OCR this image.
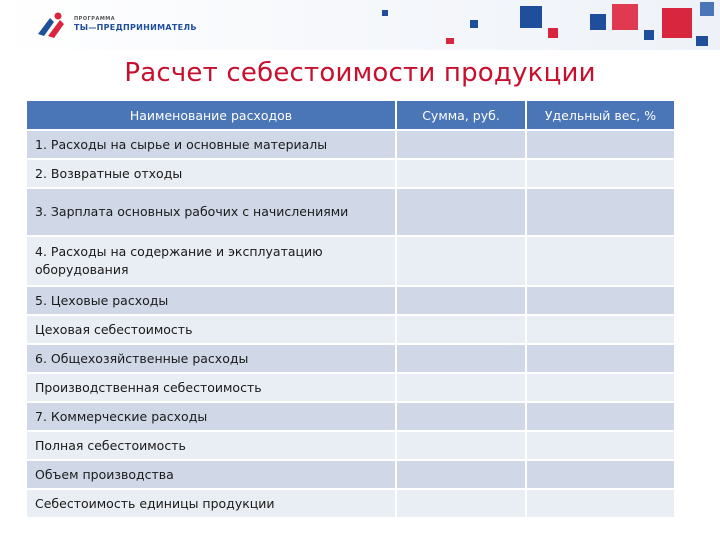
ПРОГРАММА
ТЫ—ПРЕДПРИНИМАТЕЛЬ
Расчет себестоимости продукции
Наименование расходов	Сумма, руб.	Удельный вес, %
1. Расходы на сырье и основные материалы		
2. Возвратные отходы		
3. Зарплата основных рабочих с начислениями		
4. Расходы на содержание и эксплуатацию оборудования		
5. Цеховые расходы		
Цеховая себестоимость		
6. Общехозяйственные расходы		
Производственная себестоимость		
7. Коммерческие расходы		
Полная себестоимость		
Объем производства		
Себестоимость единицы продукции		
